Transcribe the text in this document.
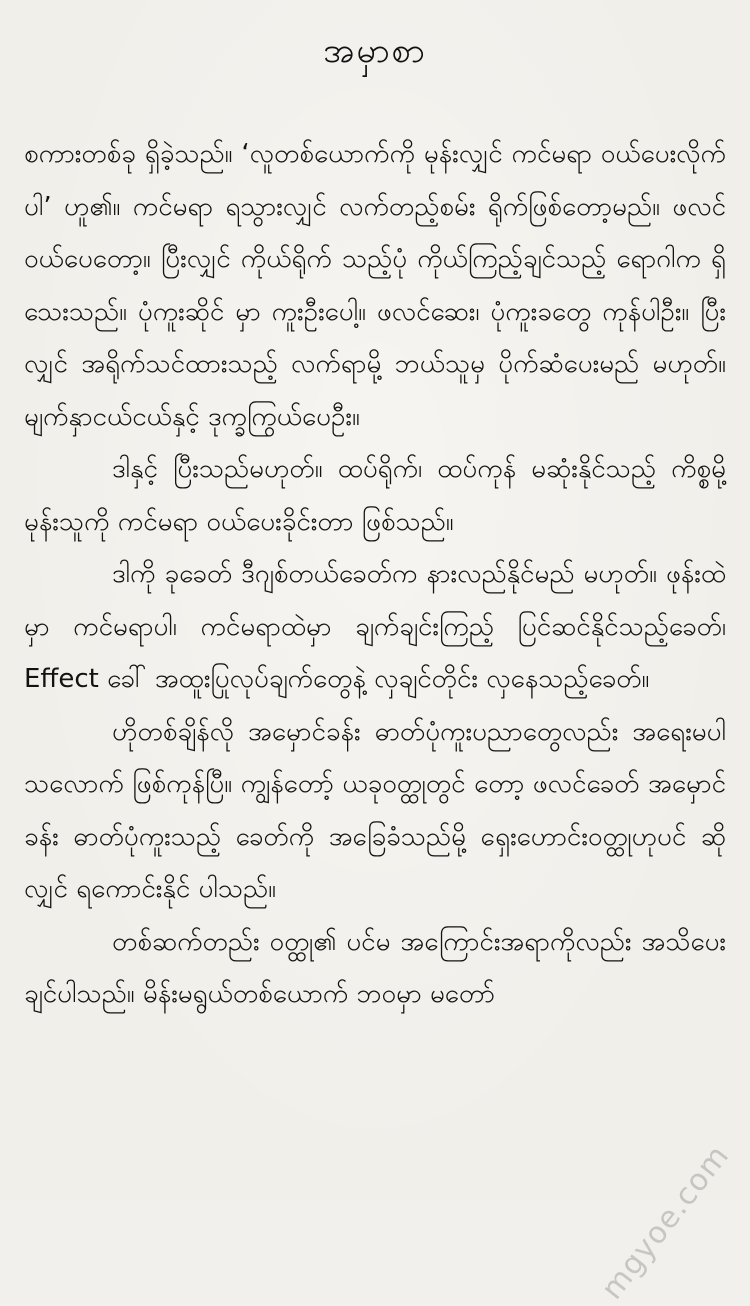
အမှာစာ

စကားတစ်ခု ရှိခဲ့သည်။ ‘လူတစ်ယောက်ကို မုန်းလျှင် ကင်မရာ ဝယ်ပေးလိုက်ပါ’ ဟူ၏။ ကင်မရာ ရသွားလျှင် လက်တည့်စမ်း ရိုက်ဖြစ်တော့မည်။ ဖလင် ဝယ်ပေတော့။ ပြီးလျှင် ကိုယ်ရိုက် သည့်ပုံ ကိုယ်ကြည့်ချင်သည့် ရောဂါက ရှိသေးသည်။ ပုံကူးဆိုင် မှာ ကူးဦးပေါ့။ ဖလင်ဆေး၊ ပုံကူးခတွေ ကုန်ပါဦး။ ပြီးလျှင် အရိုက်သင်ထားသည့် လက်ရာမို့ ဘယ်သူမှ ပိုက်ဆံပေးမည် မဟုတ်။ မျက်နှာငယ်ငယ်နှင့် ဒုက္ခကြွယ်ပေဦး။

ဒါနှင့် ပြီးသည်မဟုတ်။ ထပ်ရိုက်၊ ထပ်ကုန် မဆုံးနိုင်သည့် ကိစ္စမို့ မုန်းသူကို ကင်မရာ ဝယ်ပေးခိုင်းတာ ဖြစ်သည်။

ဒါကို ခုခေတ် ဒီဂျစ်တယ်ခေတ်က နားလည်နိုင်မည် မဟုတ်။ ဖုန်းထဲမှာ ကင်မရာပါ၊ ကင်မရာထဲမှာ ချက်ချင်းကြည့် ပြင်ဆင်နိုင်သည့်ခေတ်၊ Effect ခေါ် အထူးပြုလုပ်ချက်တွေနဲ့ လှချင်တိုင်း လှနေသည့်ခေတ်။

ဟိုတစ်ချိန်လို အမှောင်ခန်း ဓာတ်ပုံကူးပညာတွေလည်း အရေးမပါသလောက် ဖြစ်ကုန်ပြီ။ ကျွန်တော့် ယခုဝတ္ထုတွင် တော့ ဖလင်ခေတ် အမှောင်ခန်း ဓာတ်ပုံကူးသည့် ခေတ်ကို အခြေခံသည်မို့ ရှေးဟောင်းဝတ္ထုဟုပင် ဆိုလျှင် ရကောင်းနိုင် ပါသည်။

တစ်ဆက်တည်း ဝတ္ထု၏ ပင်မ အကြောင်းအရာကိုလည်း အသိပေးချင်ပါသည်။ မိန်းမရွယ်တစ်ယောက် ဘဝမှာ မတော်

mgyoe.com
